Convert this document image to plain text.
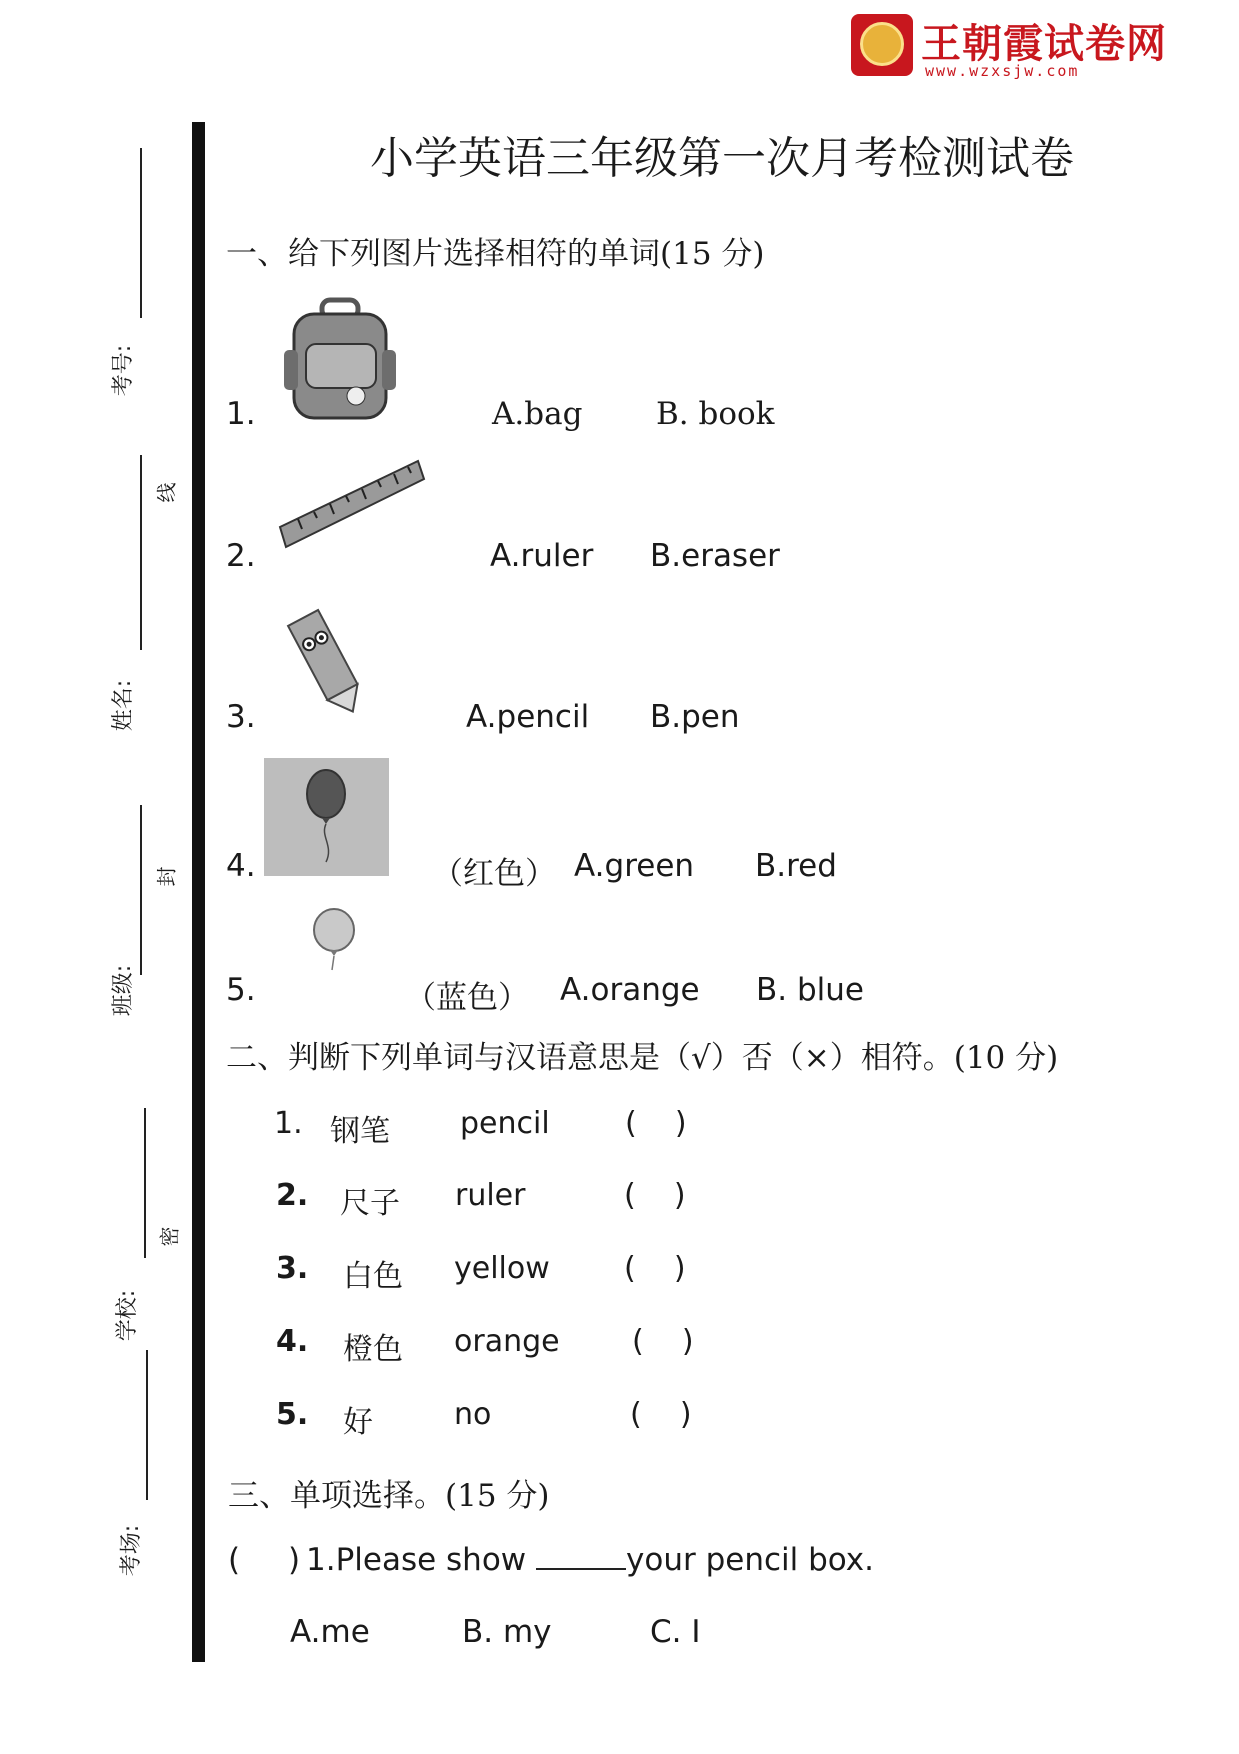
王朝霞试卷网
www.wzxsjw.com
考号:
线
姓名:
封
班级:
密
学校:
考场:
小学英语三年级第一次月考检测试卷
一、给下列图片选择相符的单词(15 分)
1.	A.bag B. book
2.	A.ruler B.eraser
3.	A.pencil B.pen
4.	（红色） A.green B.red
5.	（蓝色） A.orange B. blue
二、判断下列单词与汉语意思是（√）否（×）相符。(10 分)
1. 钢笔 pencil	(    )
2. 尺子 ruler	(    )
3. 白色 yellow (    )
4. 橙色 orange (    )
5. 好	no	(    )
三、单项选择。(15 分)
( ) 1.Please show	your pencil box.
A.me	B. my	C. I
